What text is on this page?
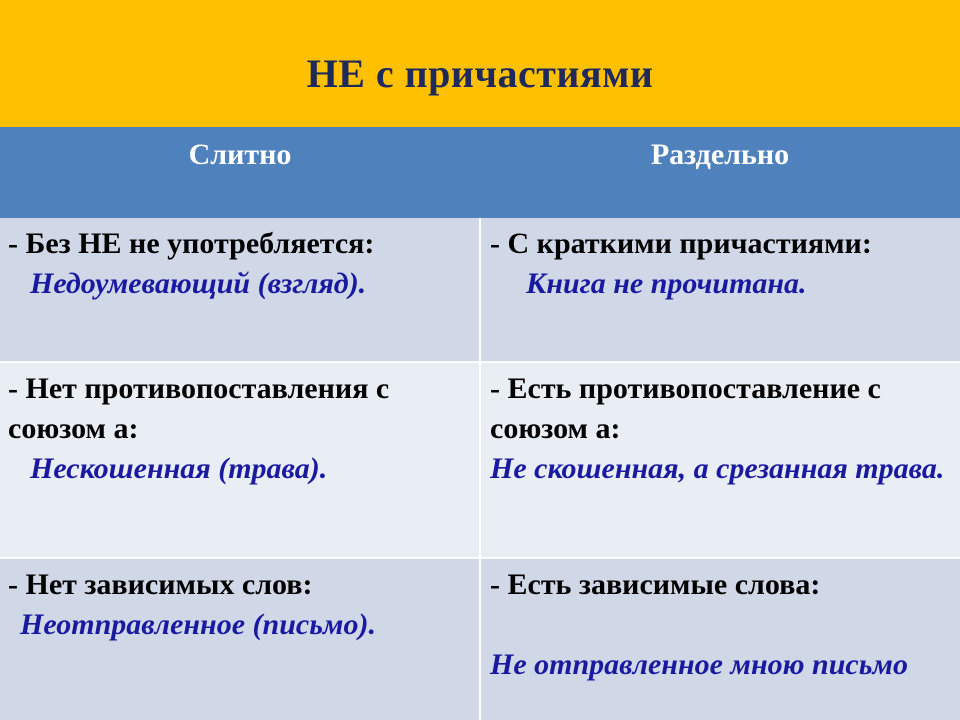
НЕ с причастиями
Слитно	Раздельно
- Без НЕ не употребляется:
Недоумевающий (взгляд).
- С краткими причастиями:
Книга не прочитана.
- Нет противопоставления с союзом а:
Нескошенная (трава).
- Есть противопоставление с союзом а:
Не скошенная, а срезанная трава.
- Нет зависимых слов:
Неотправленное (письмо).
- Есть зависимые слова:
Не отправленное мною письмо
